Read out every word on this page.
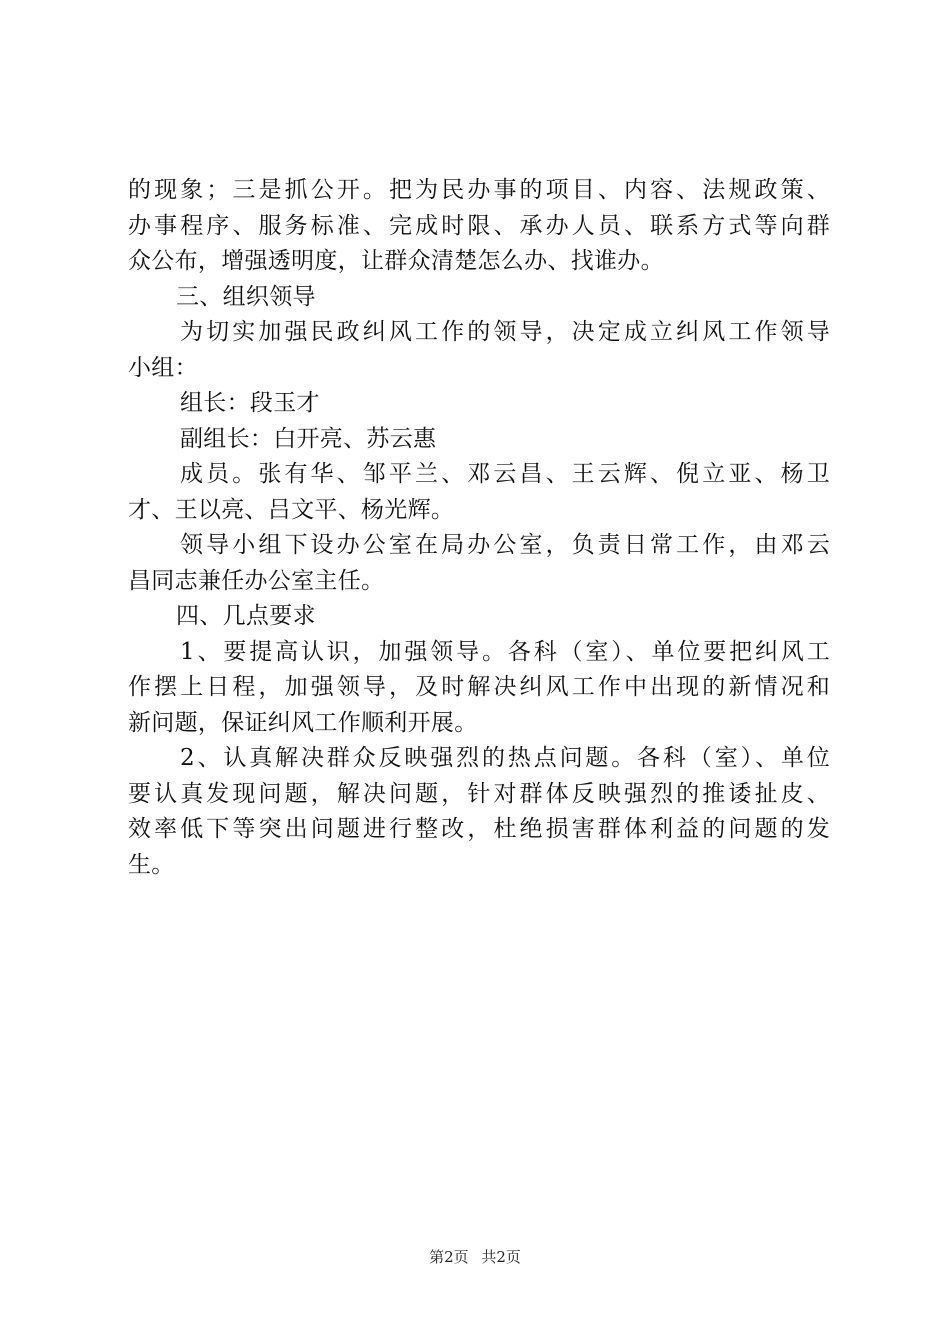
的现象；三是抓公开。把为民办事的项目、内容、法规政策、
办事程序、服务标准、完成时限、承办人员、联系方式等向群
众公布，增强透明度，让群众清楚怎么办、找谁办。
三、组织领导
为切实加强民政纠风工作的领导，决定成立纠风工作领导
小组：
组长：段玉才
副组长：白开亮、苏云惠
成员。张有华、邹平兰、邓云昌、王云辉、倪立亚、杨卫
才、王以亮、吕文平、杨光辉。
领导小组下设办公室在局办公室，负责日常工作，由邓云
昌同志兼任办公室主任。
四、几点要求
1、要提高认识，加强领导。各科（室）、单位要把纠风工
作摆上日程，加强领导，及时解决纠风工作中出现的新情况和
新问题，保证纠风工作顺利开展。
2、认真解决群众反映强烈的热点问题。各科（室）、单位
要认真发现问题，解决问题，针对群体反映强烈的推诿扯皮、
效率低下等突出问题进行整改，杜绝损害群体利益的问题的发
生。
第2页 共2页
